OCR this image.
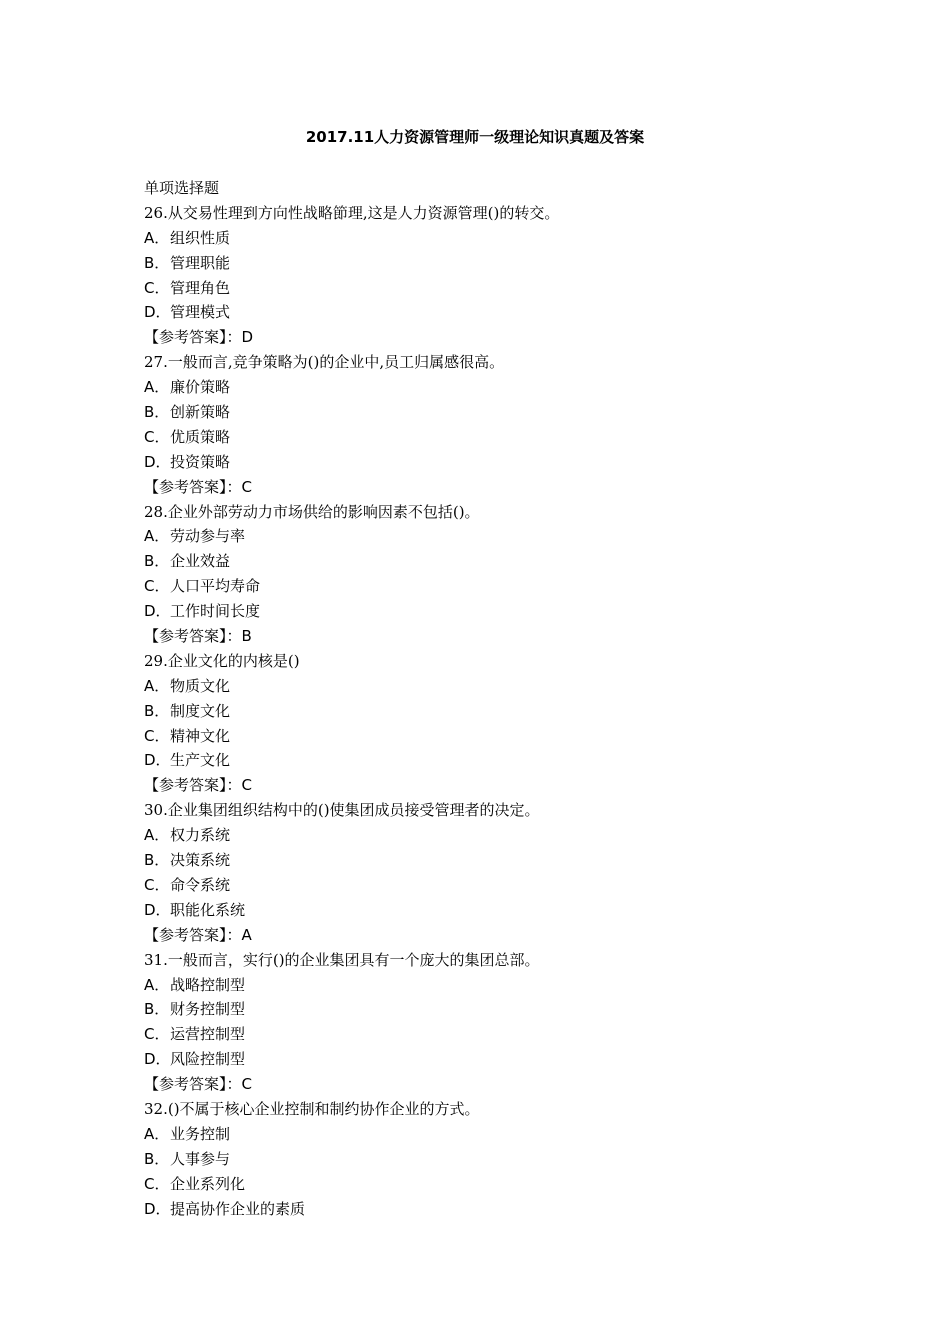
2017.11人力资源管理师一级理论知识真题及答案
单项选择题
26.从交易性理到方向性战略節理,这是人力资源管理()的转交。
A．组织性质
B．管理职能
C．管理角色
D．管理模式
【参考答案】：D
27.一般而言,竞争策略为()的企业中,员工归属感很高。
A．廉价策略
B．创新策略
C．优质策略
D．投资策略
【参考答案】：C
28.企业外部劳动力市场供给的影响因素不包括()。
A．劳动参与率
B．企业效益
C．人口平均寿命
D．工作时间长度
【参考答案】：B
29.企业文化的内核是()
A．物质文化
B．制度文化
C．精神文化
D．生产文化
【参考答案】：C
30.企业集团组织结构中的()使集团成员接受管理者的决定。
A．权力系统
B．决策系统
C．命令系统
D．职能化系统
【参考答案】：A
31.一般而言，实行()的企业集团具有一个庞大的集团总部。
A．战略控制型
B．财务控制型
C．运营控制型
D．风险控制型
【参考答案】：C
32.()不属于核心企业控制和制约协作企业的方式。
A．业务控制
B．人事参与
C．企业系列化
D．提高协作企业的素质
